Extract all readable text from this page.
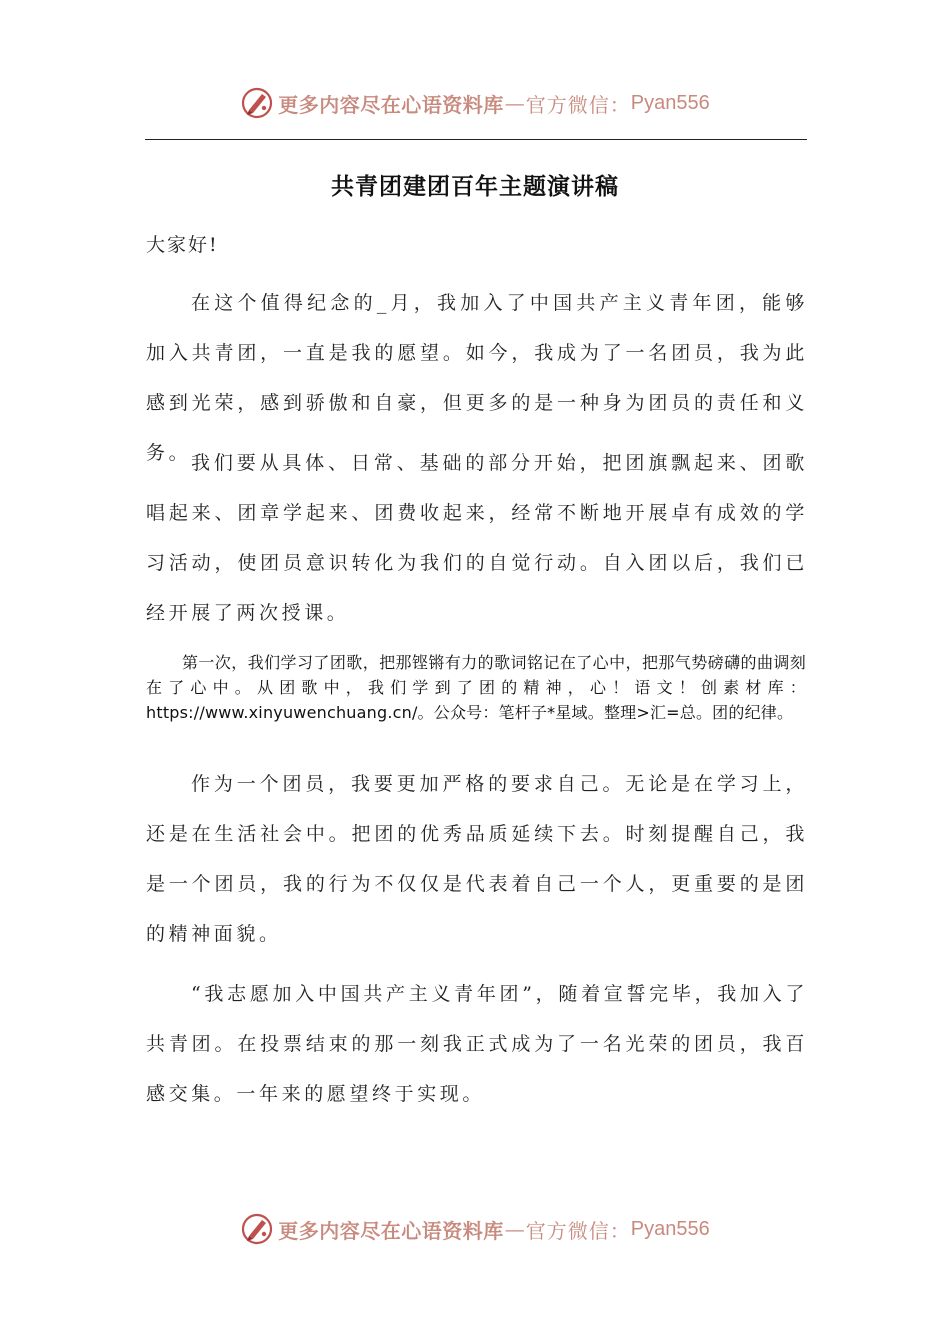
更多内容尽在心语资料库 — 官方微信： Pyan556
共青团建团百年主题演讲稿
大家好!

在这个值得纪念的_月，我加入了中国共产主义青年团，能够加入共青团，一直是我的愿望。如今，我成为了一名团员，我为此感到光荣，感到骄傲和自豪，但更多的是一种身为团员的责任和义务。 我们要从具体、日常、基础的部分开始，把团旗飘起来、团歌唱起来、团章学起来、团费收起来，经常不断地开展卓有成效的学习活动，使团员意识转化为我们的自觉行动。自入团以后，我们已经开展了两次授课。

第一次，我们学习了团歌，把那铿锵有力的歌词铭记在了心中，把那气势磅礴的曲调刻在了心中。从团歌中，我们学到了团的精神，心！语文！创素材库：https://www.xinyuwenchuang.cn/。公众号：笔杆子*星域。整理>汇=总。团的纪律。

作为一个团员，我要更加严格的要求自己。无论是在学习上，还是在生活社会中。把团的优秀品质延续下去。时刻提醒自己，我是一个团员，我的行为不仅仅是代表着自己一个人，更重要的是团的精神面貌。

“我志愿加入中国共产主义青年团”，随着宣誓完毕，我加入了共青团。在投票结束的那一刻我正式成为了一名光荣的团员，我百感交集。一年来的愿望终于实现。

更多内容尽在心语资料库 — 官方微信： Pyan556
